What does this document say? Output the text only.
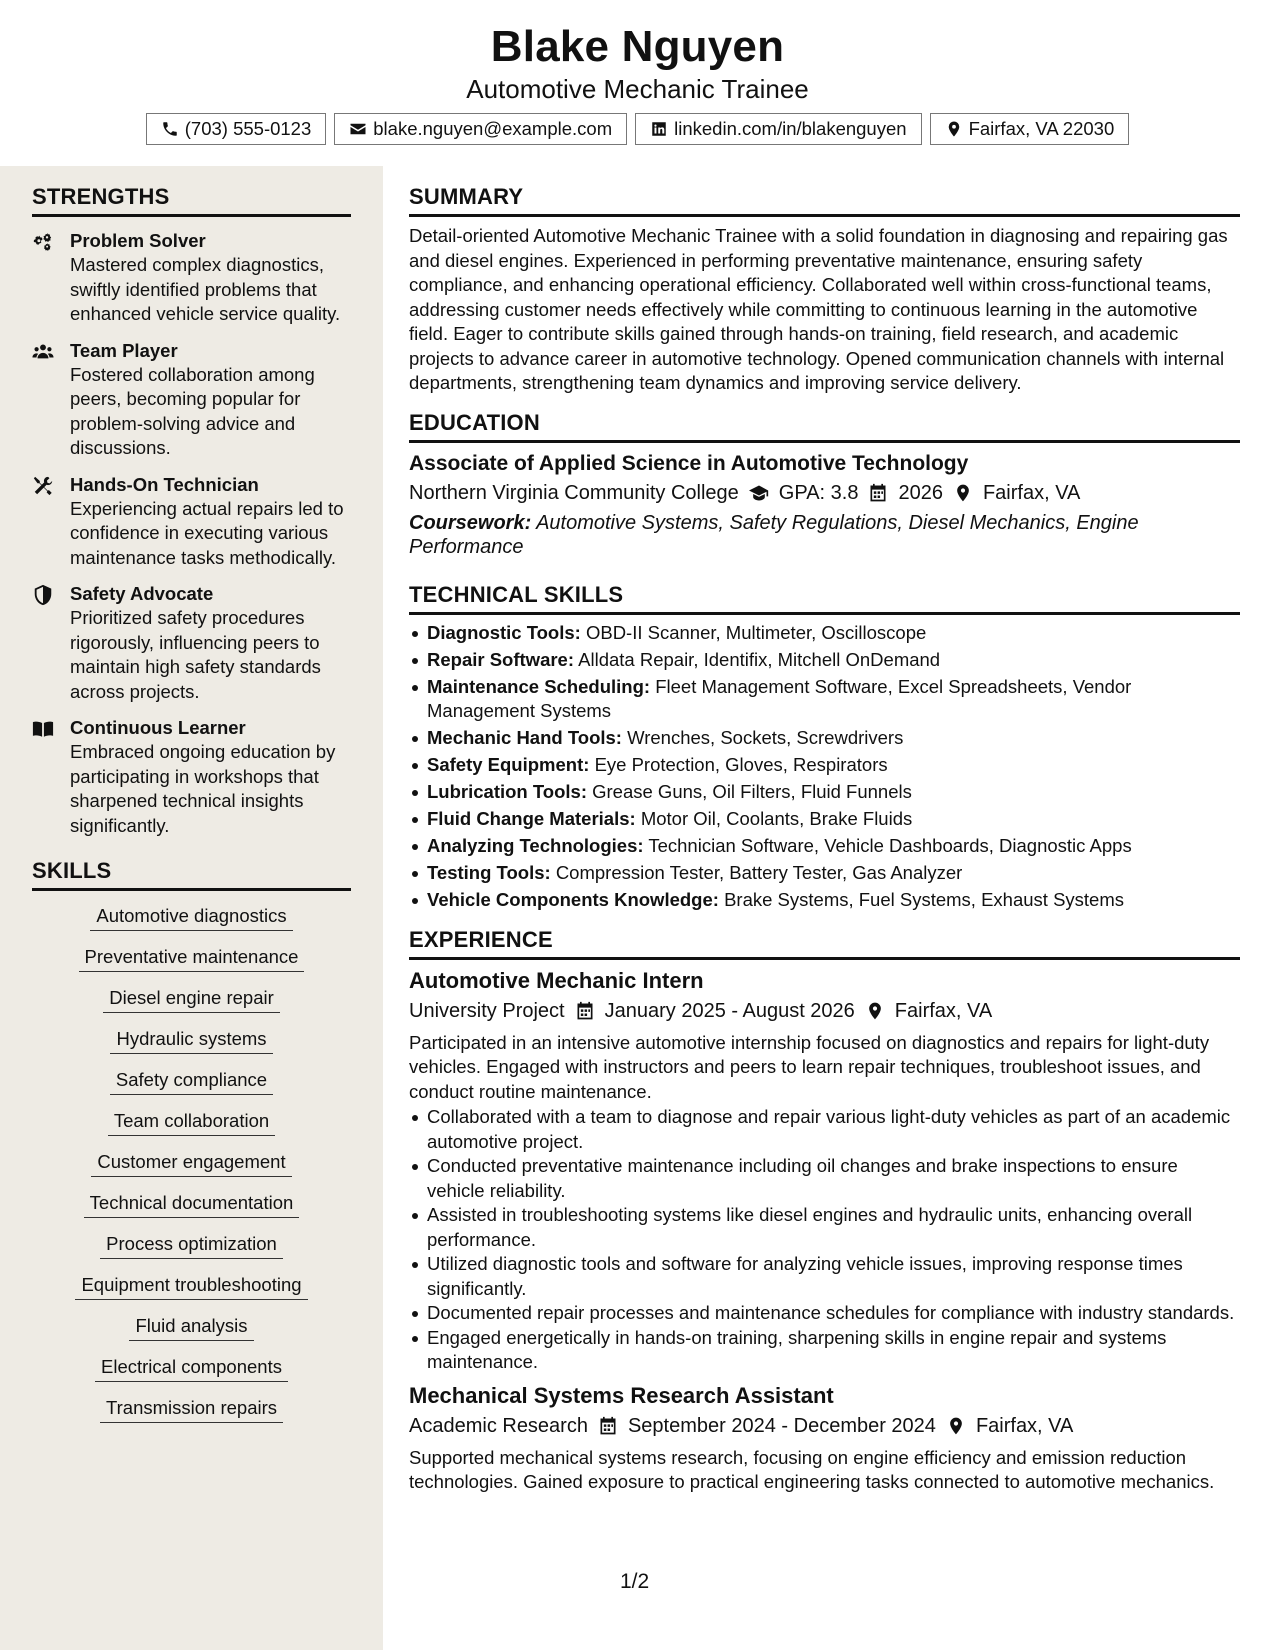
Blake Nguyen
Automotive Mechanic Trainee
(703) 555-0123	blake.nguyen@example.com	linkedin.com/in/blakenguyen	Fairfax, VA 22030
STRENGTHS
Problem Solver
Mastered complex diagnostics, swiftly identified problems that enhanced vehicle service quality.
Team Player
Fostered collaboration among peers, becoming popular for problem-solving advice and discussions.
Hands-On Technician
Experiencing actual repairs led to confidence in executing various maintenance tasks methodically.
Safety Advocate
Prioritized safety procedures rigorously, influencing peers to maintain high safety standards across projects.
Continuous Learner
Embraced ongoing education by participating in workshops that sharpened technical insights significantly.
SKILLS
Automotive diagnostics
Preventative maintenance
Diesel engine repair
Hydraulic systems
Safety compliance
Team collaboration
Customer engagement
Technical documentation
Process optimization
Equipment troubleshooting
Fluid analysis
Electrical components
Transmission repairs
SUMMARY

Detail-oriented Automotive Mechanic Trainee with a solid foundation in diagnosing and repairing gas and diesel engines. Experienced in performing preventative maintenance, ensuring safety compliance, and enhancing operational efficiency. Collaborated well within cross-functional teams, addressing customer needs effectively while committing to continuous learning in the automotive field. Eager to contribute skills gained through hands-on training, field research, and academic projects to advance career in automotive technology. Opened communication channels with internal departments, strengthening team dynamics and improving service delivery.

EDUCATION
Associate of Applied Science in Automotive Technology
Northern Virginia Community College GPA: 3.8 2026 Fairfax, VA
Coursework: Automotive Systems, Safety Regulations, Diesel Mechanics, Engine Performance
TECHNICAL SKILLS
Diagnostic Tools: OBD-II Scanner, Multimeter, Oscilloscope
Repair Software: Alldata Repair, Identifix, Mitchell OnDemand
Maintenance Scheduling: Fleet Management Software, Excel Spreadsheets, Vendor Management Systems
Mechanic Hand Tools: Wrenches, Sockets, Screwdrivers
Safety Equipment: Eye Protection, Gloves, Respirators
Lubrication Tools: Grease Guns, Oil Filters, Fluid Funnels
Fluid Change Materials: Motor Oil, Coolants, Brake Fluids
Analyzing Technologies: Technician Software, Vehicle Dashboards, Diagnostic Apps
Testing Tools: Compression Tester, Battery Tester, Gas Analyzer
Vehicle Components Knowledge: Brake Systems, Fuel Systems, Exhaust Systems
EXPERIENCE
Automotive Mechanic Intern
University Project January 2025 - August 2026 Fairfax, VA

Participated in an intensive automotive internship focused on diagnostics and repairs for light-duty vehicles. Engaged with instructors and peers to learn repair techniques, troubleshoot issues, and conduct routine maintenance.

Collaborated with a team to diagnose and repair various light-duty vehicles as part of an academic automotive project.
Conducted preventative maintenance including oil changes and brake inspections to ensure vehicle reliability.
Assisted in troubleshooting systems like diesel engines and hydraulic units, enhancing overall performance.
Utilized diagnostic tools and software for analyzing vehicle issues, improving response times significantly.
Documented repair processes and maintenance schedules for compliance with industry standards.
Engaged energetically in hands-on training, sharpening skills in engine repair and systems maintenance.
Mechanical Systems Research Assistant
Academic Research September 2024 - December 2024 Fairfax, VA

Supported mechanical systems research, focusing on engine efficiency and emission reduction technologies. Gained exposure to practical engineering tasks connected to automotive mechanics.

1/2
